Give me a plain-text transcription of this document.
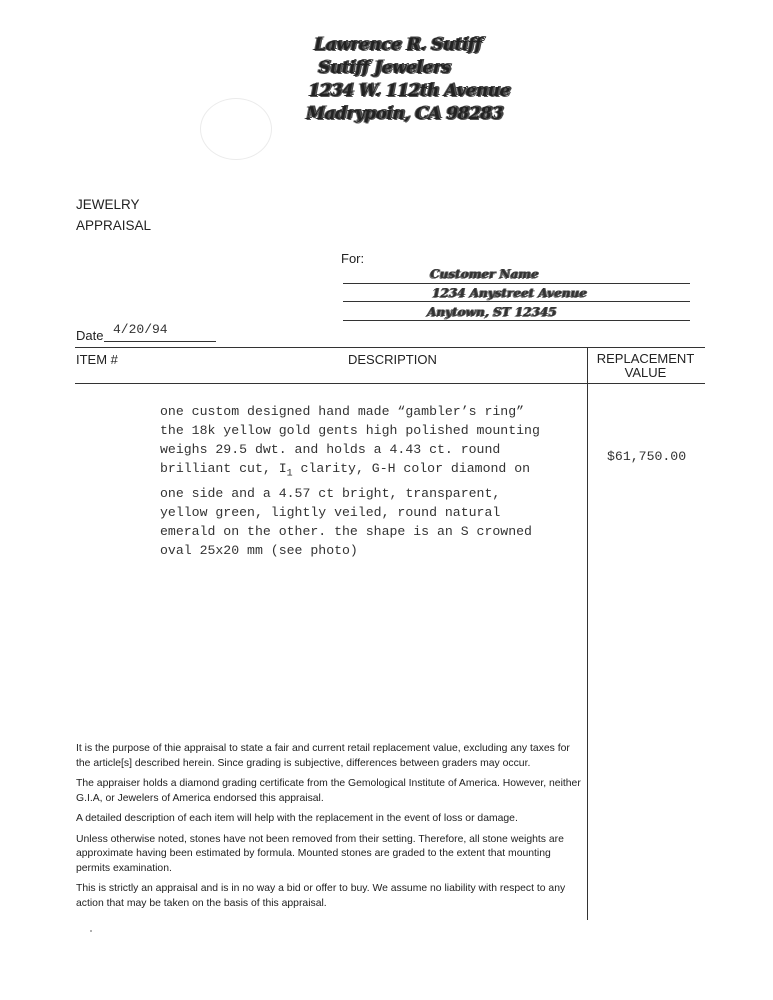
Lawrence R. Sutiff
Sutiff Jewelers
1234 W. 112th Avenue
Madrypoin, CA 98283
JEWELRY
APPRAISAL
For:
Customer Name
1234 Anystreet Avenue
Anytown, ST 12345
Date 4/20/94
ITEM #	DESCRIPTION	REPLACEMENT
VALUE
one custom designed hand made “gambler’s ring”
the 18k yellow gold gents high polished mounting
weighs 29.5 dwt. and holds a 4.43 ct. round
brilliant cut, $I_1$ clarity, G-H color diamond on
one side and a 4.57 ct bright, transparent,
yellow green, lightly veiled, round natural
emerald on the other. the shape is an S crowned
oval 25x20 mm (see photo)
$61,750.00

It is the purpose of thie appraisal to state a fair and current retail replacement value, excluding any taxes for the article[s] described herein. Since grading is subjective, differences between graders may occur.

The appraiser holds a diamond grading certificate from the Gemological Institute of America. However, neither G.I.A, or Jewelers of America endorsed this appraisal.

A detailed description of each item will help with the replacement in the event of loss or damage.

Unless otherwise noted, stones have not been removed from their setting. Therefore, all stone weights are approximate having been estimated by formula. Mounted stones are graded to the extent that mounting permits examination.

This is strictly an appraisal and is in no way a bid or offer to buy. We assume no liability with respect to any action that may be taken on the basis of this appraisal.
